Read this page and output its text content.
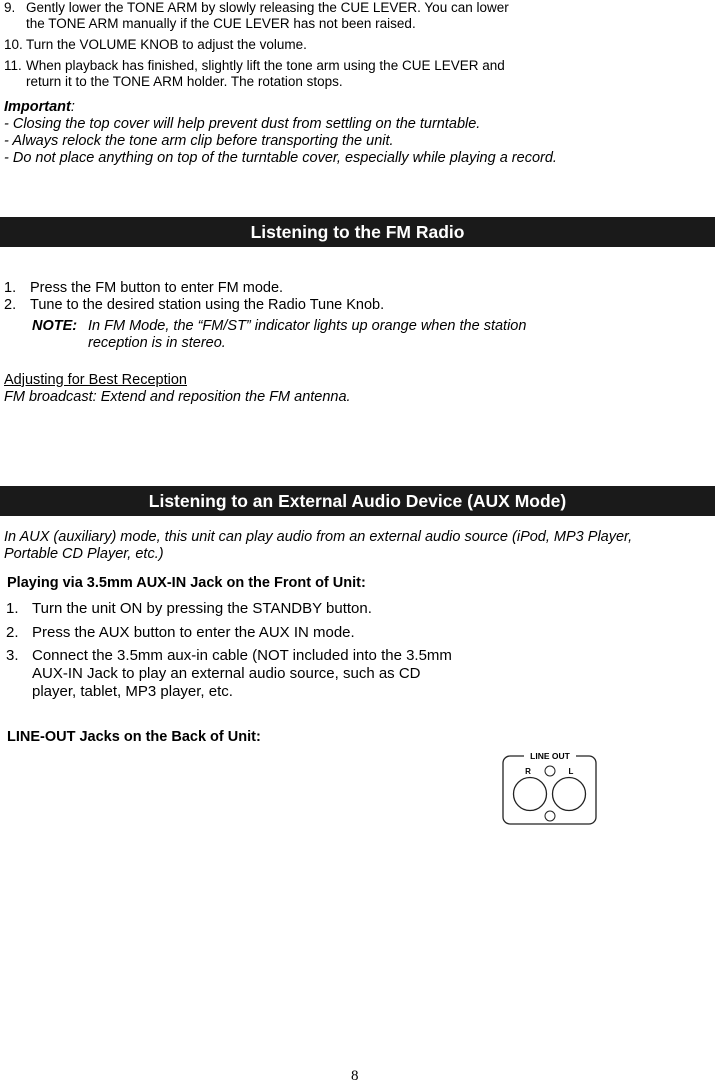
9. Gently lower the TONE ARM by slowly releasing the CUE LEVER. You can lower
the TONE ARM manually if the CUE LEVER has not been raised.
10. Turn the VOLUME KNOB to adjust the volume.
11. When playback has finished, slightly lift the tone arm using the CUE LEVER and
return it to the TONE ARM holder. The rotation stops.
Important:
- Closing the top cover will help prevent dust from settling on the turntable.
- Always relock the tone arm clip before transporting the unit.
- Do not place anything on top of the turntable cover, especially while playing a record.
Listening to the FM Radio
1. Press the FM button to enter FM mode.
2. Tune to the desired station using the Radio Tune Knob.
NOTE: In FM Mode, the “FM/ST” indicator lights up orange when the station
reception is in stereo.
Adjusting for Best Reception
FM broadcast: Extend and reposition the FM antenna.
Listening to an External Audio Device (AUX Mode)
In AUX (auxiliary) mode, this unit can play audio from an external audio source (iPod, MP3 Player,
Portable CD Player, etc.)
Playing via 3.5mm AUX-IN Jack on the Front of Unit:
1. Turn the unit ON by pressing the STANDBY button.
2. Press the AUX button to enter the AUX IN mode.
3. Connect the 3.5mm aux-in cable (NOT included into the 3.5mm
AUX-IN Jack to play an external audio source, such as CD
player, tablet, MP3 player, etc.
LINE-OUT Jacks on the Back of Unit:
LINE OUT
R	L
8
